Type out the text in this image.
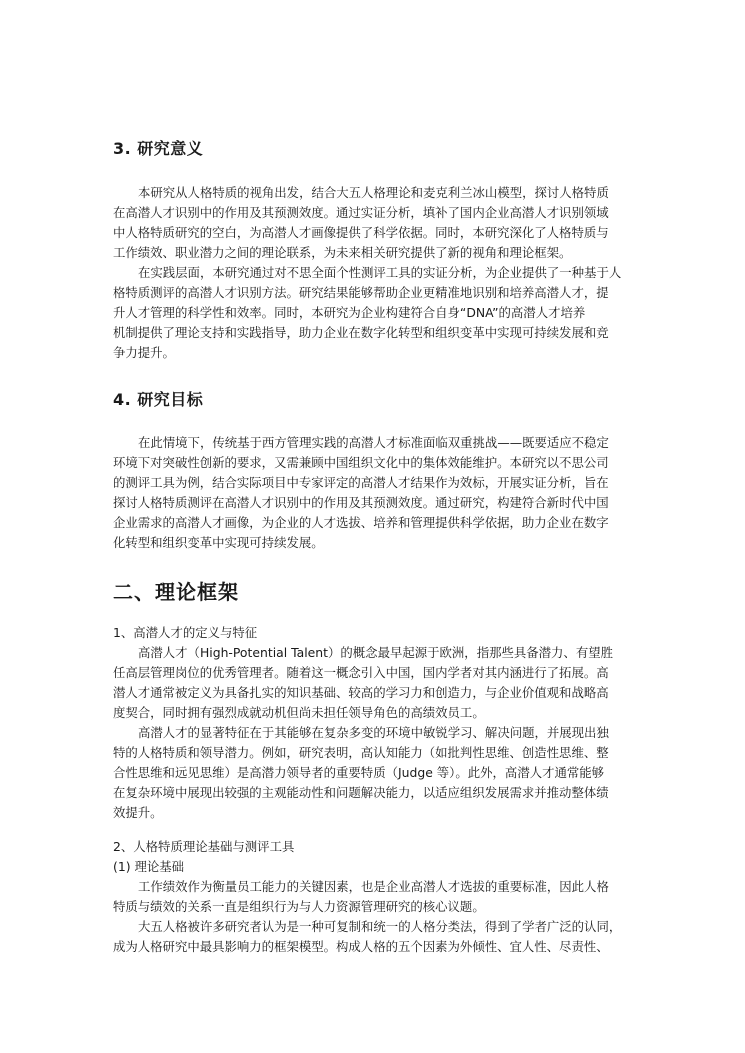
3. 研究意义
本研究从人格特质的视角出发，结合大五人格理论和麦克利兰冰山模型，探讨人格特质
在高潜人才识别中的作用及其预测效度。通过实证分析，填补了国内企业高潜人才识别领域
中人格特质研究的空白，为高潜人才画像提供了科学依据。同时，本研究深化了人格特质与
工作绩效、职业潜力之间的理论联系，为未来相关研究提供了新的视角和理论框架。
在实践层面，本研究通过对不思全面个性测评工具的实证分析，为企业提供了一种基于人
格特质测评的高潜人才识别方法。研究结果能够帮助企业更精准地识别和培养高潜人才，提
升人才管理的科学性和效率。同时，本研究为企业构建符合自身“DNA”的高潜人才培养
机制提供了理论支持和实践指导，助力企业在数字化转型和组织变革中实现可持续发展和竞
争力提升。
4. 研究目标
在此情境下，传统基于西方管理实践的高潜人才标准面临双重挑战——既要适应不稳定
环境下对突破性创新的要求，又需兼顾中国组织文化中的集体效能维护。本研究以不思公司
的测评工具为例，结合实际项目中专家评定的高潜人才结果作为效标，开展实证分析，旨在
探讨人格特质测评在高潜人才识别中的作用及其预测效度。通过研究，构建符合新时代中国
企业需求的高潜人才画像，为企业的人才选拔、培养和管理提供科学依据，助力企业在数字
化转型和组织变革中实现可持续发展。
二、理论框架
1、高潜人才的定义与特征
高潜人才（High-Potential Talent）的概念最早起源于欧洲，指那些具备潜力、有望胜
任高层管理岗位的优秀管理者。随着这一概念引入中国，国内学者对其内涵进行了拓展。高
潜人才通常被定义为具备扎实的知识基础、较高的学习力和创造力，与企业价值观和战略高
度契合，同时拥有强烈成就动机但尚未担任领导角色的高绩效员工。
高潜人才的显著特征在于其能够在复杂多变的环境中敏锐学习、解决问题，并展现出独
特的人格特质和领导潜力。例如，研究表明，高认知能力（如批判性思维、创造性思维、整
合性思维和远见思维）是高潜力领导者的重要特质（Judge 等）。此外，高潜人才通常能够
在复杂环境中展现出较强的主观能动性和问题解决能力，以适应组织发展需求并推动整体绩
效提升。
2、人格特质理论基础与测评工具
(1) 理论基础
工作绩效作为衡量员工能力的关键因素，也是企业高潜人才选拔的重要标准，因此人格
特质与绩效的关系一直是组织行为与人力资源管理研究的核心议题。
大五人格被许多研究者认为是一种可复制和统一的人格分类法，得到了学者广泛的认同，
成为人格研究中最具影响力的框架模型。构成人格的五个因素为外倾性、宜人性、尽责性、
